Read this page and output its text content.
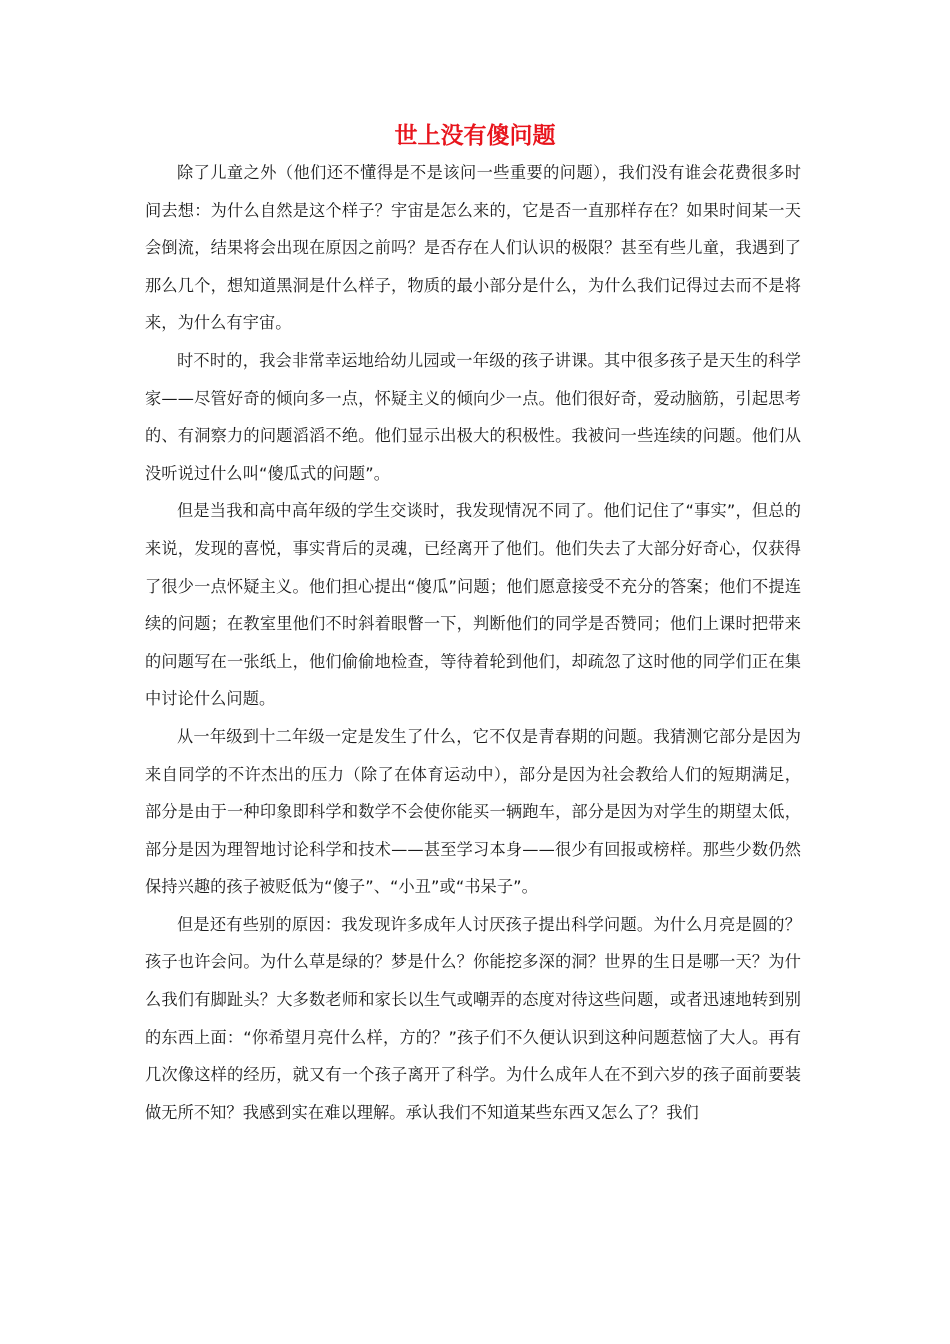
世上没有傻问题

除了儿童之外（他们还不懂得是不是该问一些重要的问题），我们没有谁会花费很多时间去想：为什么自然是这个样子？宇宙是怎么来的，它是否一直那样存在？如果时间某一天会倒流，结果将会出现在原因之前吗？是否存在人们认识的极限？甚至有些儿童，我遇到了那么几个，想知道黑洞是什么样子，物质的最小部分是什么，为什么我们记得过去而不是将来，为什么有宇宙。

时不时的，我会非常幸运地给幼儿园或一年级的孩子讲课。其中很多孩子是天生的科学家——尽管好奇的倾向多一点，怀疑主义的倾向少一点。他们很好奇，爱动脑筋，引起思考的、有洞察力的问题滔滔不绝。他们显示出极大的积极性。我被问一些连续的问题。他们从没听说过什么叫“傻瓜式的问题”。

但是当我和高中高年级的学生交谈时，我发现情况不同了。他们记住了“事实”，但总的来说，发现的喜悦，事实背后的灵魂，已经离开了他们。他们失去了大部分好奇心，仅获得了很少一点怀疑主义。他们担心提出“傻瓜”问题；他们愿意接受不充分的答案；他们不提连续的问题；在教室里他们不时斜着眼瞥一下，判断他们的同学是否赞同；他们上课时把带来的问题写在一张纸上，他们偷偷地检查，等待着轮到他们，却疏忽了这时他的同学们正在集中讨论什么问题。

从一年级到十二年级一定是发生了什么，它不仅是青春期的问题。我猜测它部分是因为来自同学的不许杰出的压力（除了在体育运动中），部分是因为社会教给人们的短期满足，部分是由于一种印象即科学和数学不会使你能买一辆跑车，部分是因为对学生的期望太低，部分是因为理智地讨论科学和技术——甚至学习本身——很少有回报或榜样。那些少数仍然保持兴趣的孩子被贬低为“傻子”、“小丑”或“书呆子”。

但是还有些别的原因：我发现许多成年人讨厌孩子提出科学问题。为什么月亮是圆的？孩子也许会问。为什么草是绿的？梦是什么？你能挖多深的洞？世界的生日是哪一天？为什么我们有脚趾头？大多数老师和家长以生气或嘲弄的态度对待这些问题，或者迅速地转到别的东西上面：“你希望月亮什么样，方的？”孩子们不久便认识到这种问题惹恼了大人。再有几次像这样的经历，就又有一个孩子离开了科学。为什么成年人在不到六岁的孩子面前要装做无所不知？我感到实在难以理解。承认我们不知道某些东西又怎么了？我们
